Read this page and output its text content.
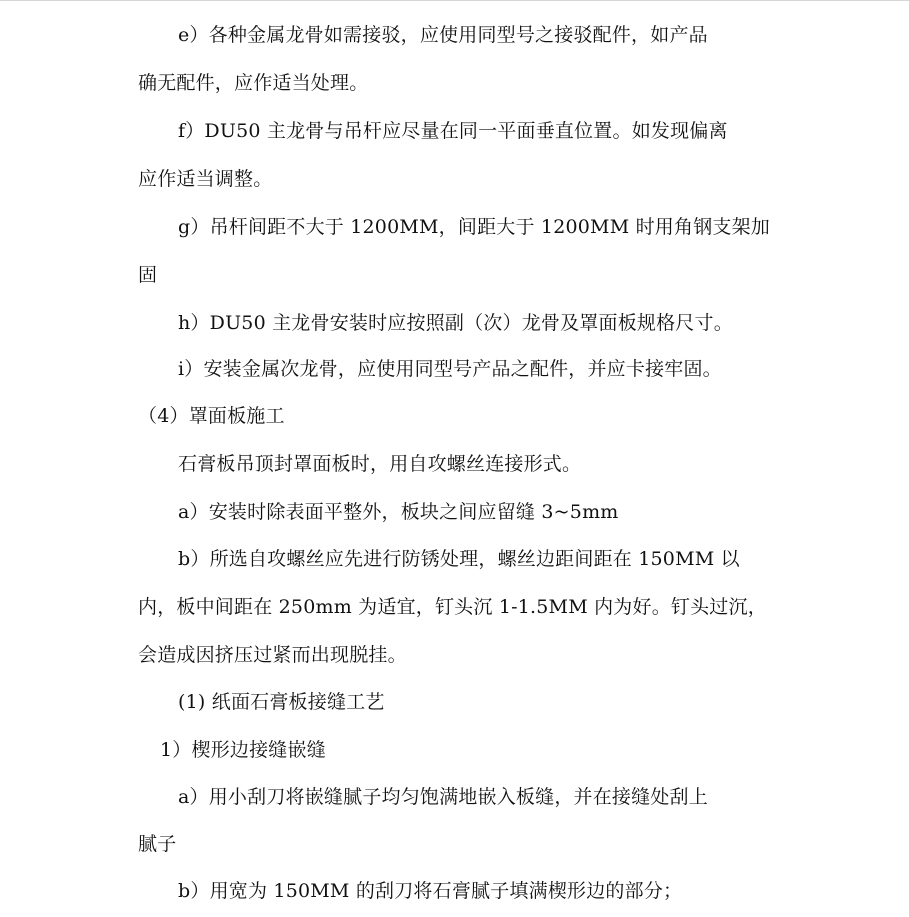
e）各种金属龙骨如需接驳，应使用同型号之接驳配件，如产品
确无配件，应作适当处理。
f）DU50 主龙骨与吊杆应尽量在同一平面垂直位置。如发现偏离
应作适当调整。
g）吊杆间距不大于 1200MM，间距大于 1200MM 时用角钢支架加
固
h）DU50 主龙骨安装时应按照副（次）龙骨及罩面板规格尺寸。
i）安装金属次龙骨，应使用同型号产品之配件，并应卡接牢固。
（4）罩面板施工
石膏板吊顶封罩面板时，用自攻螺丝连接形式。
a）安装时除表面平整外，板块之间应留缝 3~5mm
b）所选自攻螺丝应先进行防锈处理，螺丝边距间距在 150MM 以
内，板中间距在 250mm 为适宜，钉头沉 1-1.5MM 内为好。钉头过沉，
会造成因挤压过紧而出现脱挂。
(1) 纸面石膏板接缝工艺
1）楔形边接缝嵌缝
a）用小刮刀将嵌缝腻子均匀饱满地嵌入板缝，并在接缝处刮上
腻子
b）用宽为 150MM 的刮刀将石膏腻子填满楔形边的部分；
